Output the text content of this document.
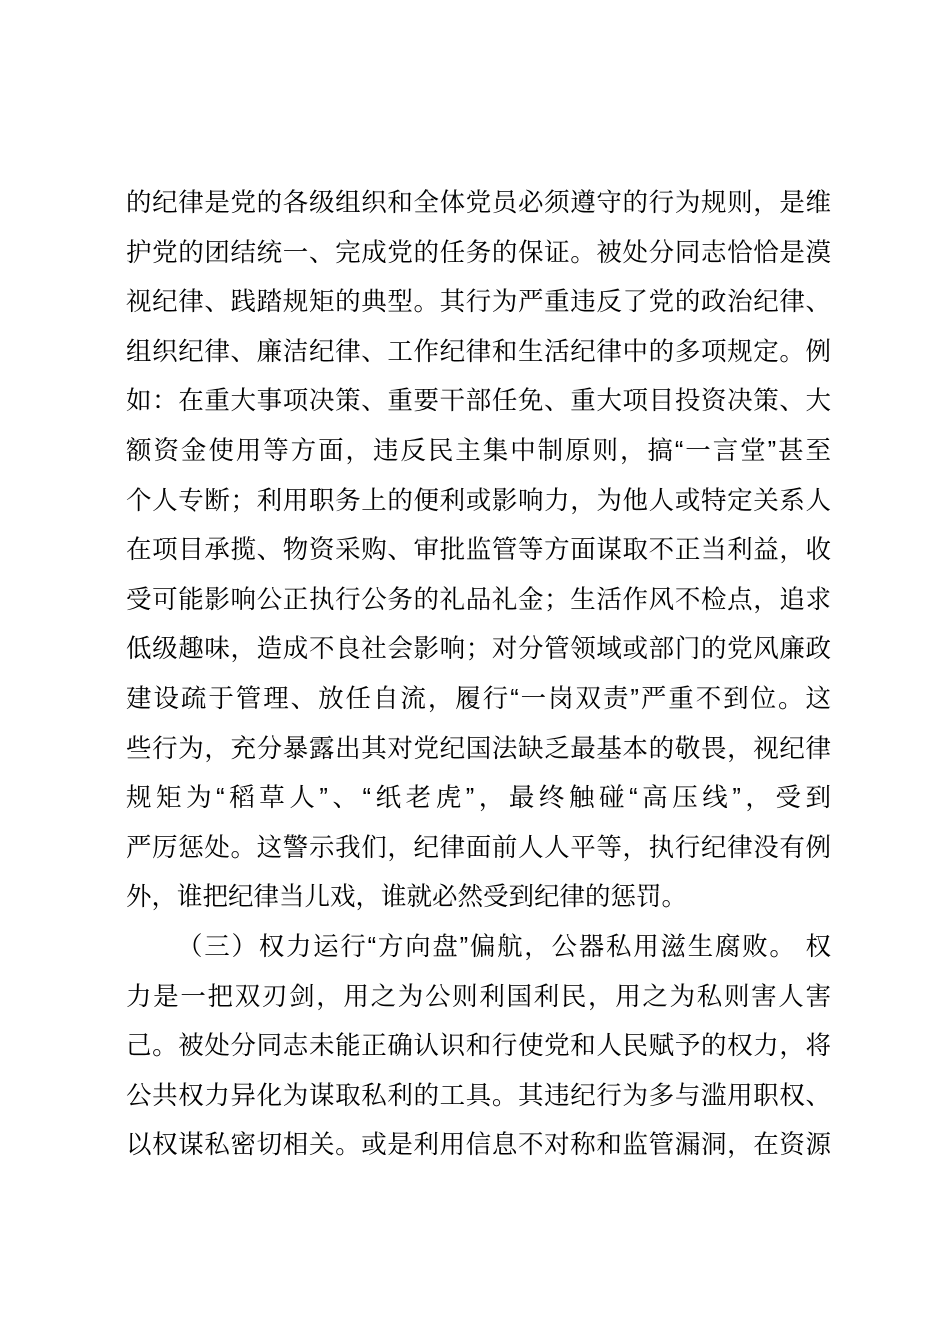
的纪律是党的各级组织和全体党员必须遵守的行为规则，是维
护党的团结统一、完成党的任务的保证。被处分同志恰恰是漠
视纪律、践踏规矩的典型。其行为严重违反了党的政治纪律、
组织纪律、廉洁纪律、工作纪律和生活纪律中的多项规定。例
如：在重大事项决策、重要干部任免、重大项目投资决策、大
额资金使用等方面，违反民主集中制原则，搞“一言堂”甚至
个人专断；利用职务上的便利或影响力，为他人或特定关系人
在项目承揽、物资采购、审批监管等方面谋取不正当利益，收
受可能影响公正执行公务的礼品礼金；生活作风不检点，追求
低级趣味，造成不良社会影响；对分管领域或部门的党风廉政
建设疏于管理、放任自流，履行“一岗双责”严重不到位。这
些行为，充分暴露出其对党纪国法缺乏最基本的敬畏，视纪律
规矩为“稻草人”、“纸老虎”，最终触碰“高压线”，受到
严厉惩处。这警示我们，纪律面前人人平等，执行纪律没有例
外，谁把纪律当儿戏，谁就必然受到纪律的惩罚。
（三）权力运行“方向盘”偏航，公器私用滋生腐败。 权
力是一把双刃剑，用之为公则利国利民，用之为私则害人害
己。被处分同志未能正确认识和行使党和人民赋予的权力，将
公共权力异化为谋取私利的工具。其违纪行为多与滥用职权、
以权谋私密切相关。或是利用信息不对称和监管漏洞，在资源
